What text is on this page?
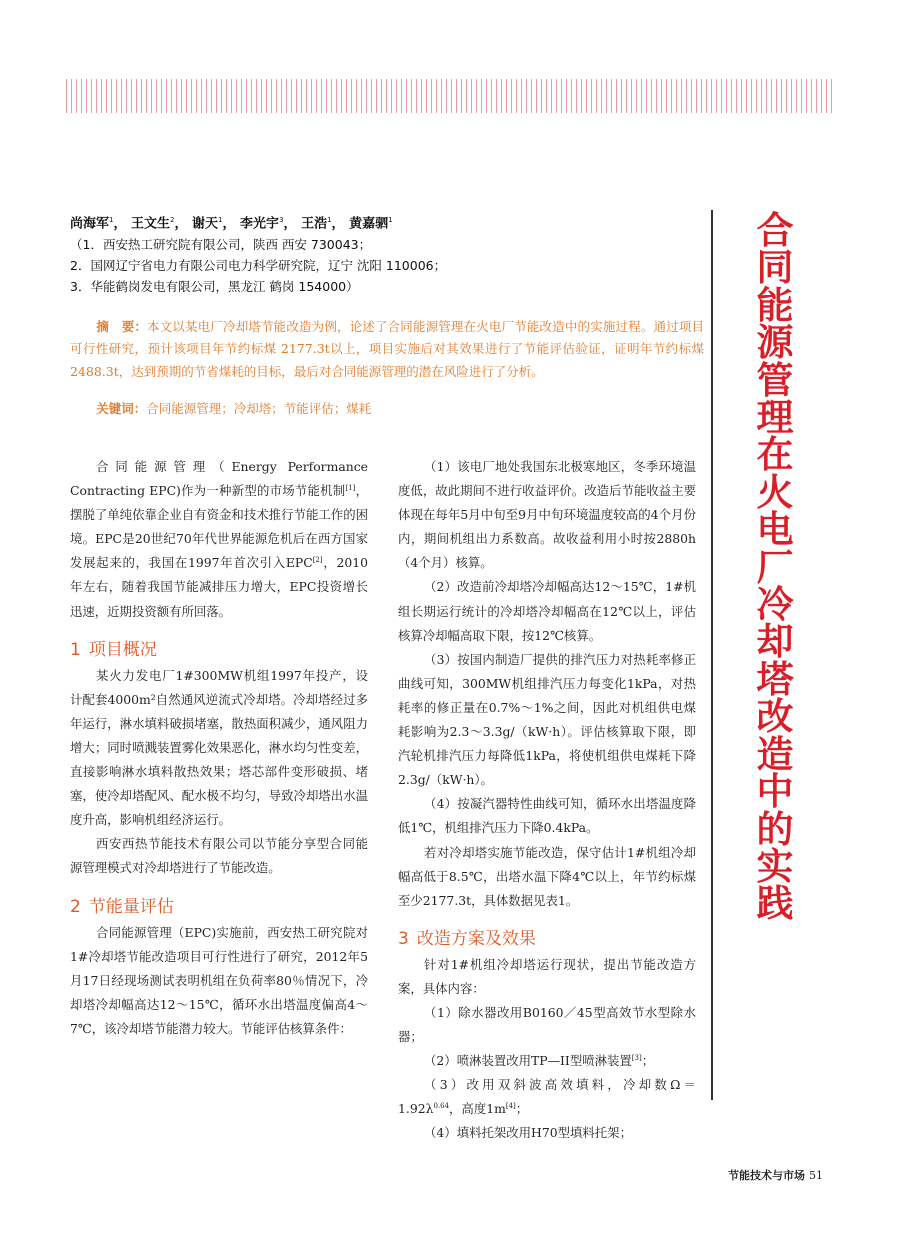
尚海军$^1$， 王文生$^2$， 谢天$^1$， 李光宇$^3$， 王浩$^1$， 黄嘉驷$^1$
（1．西安热工研究院有限公司，陕西 西安 730043；
2．国网辽宁省电力有限公司电力科学研究院，辽宁 沈阳 110006；
3．华能鹤岗发电有限公司，黑龙江 鹤岗 154000）
合同能源管理在火电厂冷却塔改造中的实践
摘　要：本文以某电厂冷却塔节能改造为例，论述了合同能源管理在火电厂节能改造中的实施过程。通过项目可行性研究，预计该项目年节约标煤 2177.3t以上，项目实施后对其效果进行了节能评估验证，证明年节约标煤 2488.3t，达到预期的节省煤耗的目标，最后对合同能源管理的潜在风险进行了分析。
关键词：合同能源管理；冷却塔；节能评估；煤耗

合同能源管理（Energy Performance Contracting EPC)作为一种新型的市场节能机制[1]，摆脱了单纯依靠企业自有资金和技术推行节能工作的困境。EPC是20世纪70年代世界能源危机后在西方国家发展起来的，我国在1997年首次引入EPC[2]，2010年左右，随着我国节能减排压力增大，EPC投资增长迅速，近期投资额有所回落。

1 项目概况

某火力发电厂1#300MW机组1997年投产，设计配套4000m²自然通风逆流式冷却塔。冷却塔经过多年运行，淋水填料破损堵塞，散热面积减少，通风阻力增大；同时喷溅装置雾化效果恶化，淋水均匀性变差，直接影响淋水填料散热效果；塔芯部件变形破损、堵塞，使冷却塔配风、配水极不均匀，导致冷却塔出水温度升高，影响机组经济运行。

西安西热节能技术有限公司以节能分享型合同能源管理模式对冷却塔进行了节能改造。

2 节能量评估

合同能源管理（EPC)实施前，西安热工研究院对1#冷却塔节能改造项目可行性进行了研究，2012年5月17日经现场测试表明机组在负荷率80％情况下，冷却塔冷却幅高达12～15℃，循环水出塔温度偏高4～7℃，该冷却塔节能潜力较大。节能评估核算条件：

（1）该电厂地处我国东北极寒地区，冬季环境温度低，故此期间不进行收益评价。改造后节能收益主要体现在每年5月中旬至9月中旬环境温度较高的4个月份内，期间机组出力系数高。故收益利用小时按2880h（4个月）核算。

（2）改造前冷却塔冷却幅高达12～15℃，1#机组长期运行统计的冷却塔冷却幅高在12℃以上，评估核算冷却幅高取下限，按12℃核算。

（3）按国内制造厂提供的排汽压力对热耗率修正曲线可知，300MW机组排汽压力每变化1kPa，对热耗率的修正量在0.7%～1%之间，因此对机组供电煤耗影响为2.3～3.3g/（kW·h）。评估核算取下限，即汽轮机排汽压力每降低1kPa，将使机组供电煤耗下降2.3g/（kW·h）。

（4）按凝汽器特性曲线可知，循环水出塔温度降低1℃，机组排汽压力下降0.4kPa。

若对冷却塔实施节能改造，保守估计1#机组冷却幅高低于8.5℃，出塔水温下降4℃以上，年节约标煤至少2177.3t，具体数据见表1。

3 改造方案及效果

针对1#机组冷却塔运行现状，提出节能改造方案，具体内容：

（1）除水器改用B0160／45型高效节水型除水器；

（2）喷淋装置改用TP—II型喷淋装置[3]；

（3）改用双斜波高效填料，冷却数Ω＝1.92λ$^{0.64}$，高度1m[4]；

（4）填料托架改用H70型填料托架；

节能技术与市场 51
